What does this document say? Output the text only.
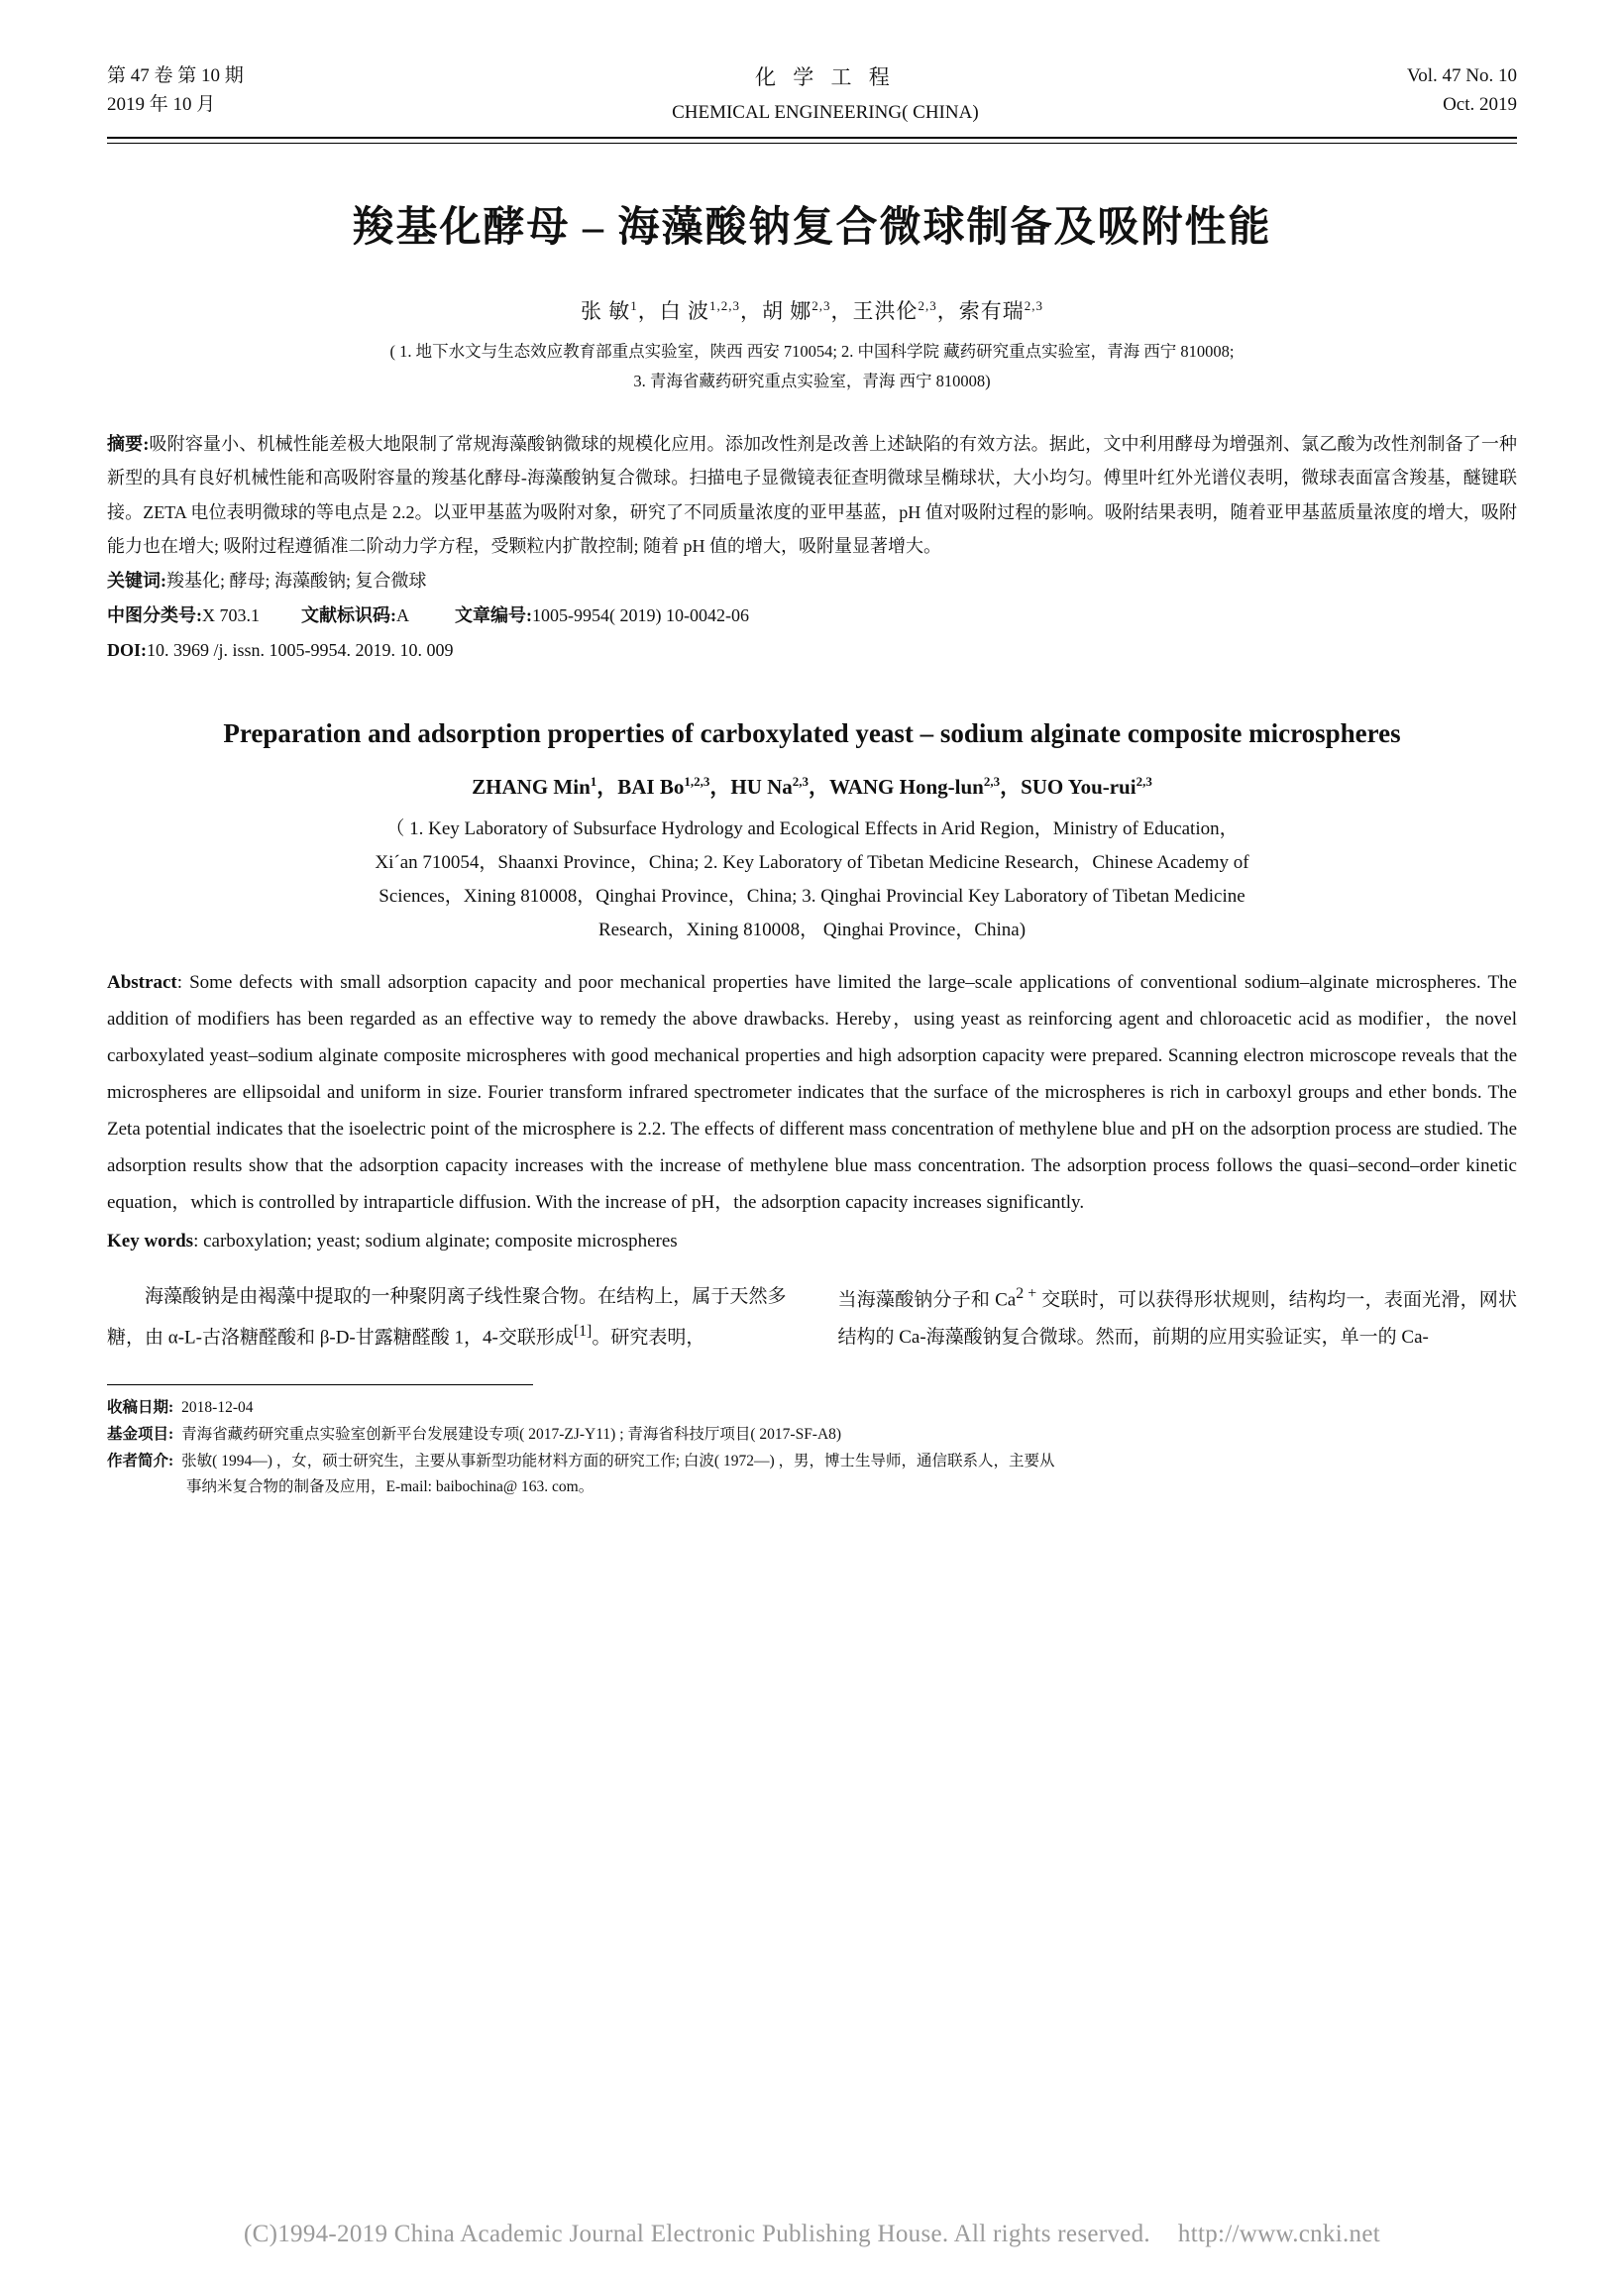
第 47 卷 第 10 期
2019 年 10 月
化 学 工 程
CHEMICAL ENGINEERING( CHINA)
Vol. 47 No. 10
Oct. 2019
羧基化酵母 – 海藻酸钠复合微球制备及吸附性能
张 敏$^1$，白 波$^{1,2,3}$，胡 娜$^{2,3}$，王洪伦$^{2,3}$，索有瑞$^{2,3}$
( 1. 地下水文与生态效应教育部重点实验室，陕西 西安 710054; 2. 中国科学院 藏药研究重点实验室，青海 西宁 810008;
3. 青海省藏药研究重点实验室，青海 西宁 810008)

摘要:吸附容量小、机械性能差极大地限制了常规海藻酸钠微球的规模化应用。添加改性剂是改善上述缺陷的有效方法。据此，文中利用酵母为增强剂、氯乙酸为改性剂制备了一种新型的具有良好机械性能和高吸附容量的羧基化酵母-海藻酸钠复合微球。扫描电子显微镜表征查明微球呈椭球状，大小均匀。傅里叶红外光谱仪表明，微球表面富含羧基，醚键联接。ZETA 电位表明微球的等电点是 2.2。以亚甲基蓝为吸附对象，研究了不同质量浓度的亚甲基蓝，pH 值对吸附过程的影响。吸附结果表明，随着亚甲基蓝质量浓度的增大，吸附能力也在增大; 吸附过程遵循准二阶动力学方程，受颗粒内扩散控制; 随着 pH 值的增大，吸附量显著增大。

关键词:羧基化; 酵母; 海藻酸钠; 复合微球
中图分类号:X 703.1 文献标识码:A	文章编号:1005-9954( 2019) 10-0042-06
DOI:10. 3969 /j. issn. 1005-9954. 2019. 10. 009
Preparation and adsorption properties of carboxylated yeast – sodium alginate composite microspheres
ZHANG Min$^1$，BAI Bo$^{1,2,3}$，HU Na$^{2,3}$，WANG Hong-lun$^{2,3}$，SUO You-rui$^{2,3}$
（ 1. Key Laboratory of Subsurface Hydrology and Ecological Effects in Arid Region，Ministry of Education，
Xi´an 710054，Shaanxi Province，China; 2. Key Laboratory of Tibetan Medicine Research，Chinese Academy of
Sciences，Xining 810008，Qinghai Province，China; 3. Qinghai Provincial Key Laboratory of Tibetan Medicine
Research，Xining 810008， Qinghai Province，China)

Abstract: Some defects with small adsorption capacity and poor mechanical properties have limited the large–scale applications of conventional sodium–alginate microspheres. The addition of modifiers has been regarded as an effective way to remedy the above drawbacks. Hereby，using yeast as reinforcing agent and chloroacetic acid as modifier，the novel carboxylated yeast–sodium alginate composite microspheres with good mechanical properties and high adsorption capacity were prepared. Scanning electron microscope reveals that the microspheres are ellipsoidal and uniform in size. Fourier transform infrared spectrometer indicates that the surface of the microspheres is rich in carboxyl groups and ether bonds. The Zeta potential indicates that the isoelectric point of the microsphere is 2.2. The effects of different mass concentration of methylene blue and pH on the adsorption process are studied. The adsorption results show that the adsorption capacity increases with the increase of methylene blue mass concentration. The adsorption process follows the quasi–second–order kinetic equation，which is controlled by intraparticle diffusion. With the increase of pH，the adsorption capacity increases significantly.

Key words: carboxylation; yeast; sodium alginate; composite microspheres

海藻酸钠是由褐藻中提取的一种聚阴离子线性聚合物。在结构上，属于天然多糖，由 α-L-古洛糖醛酸和 β-D-甘露糖醛酸 1，4-交联形成[1]。研究表明，

当海藻酸钠分子和 $Ca^{2 +}$ 交联时，可以获得形状规则，结构均一，表面光滑，网状结构的 Ca-海藻酸钠复合微球。然而，前期的应用实验证实，单一的 Ca-

收稿日期: 2018-12-04
基金项目: 青海省藏药研究重点实验室创新平台发展建设专项( 2017-ZJ-Y11) ; 青海省科技厅项目( 2017-SF-A8)
作者简介: 张敏( 1994—) ，女，硕士研究生，主要从事新型功能材料方面的研究工作; 白波( 1972—) ，男，博士生导师，通信联系人，主要从
事纳米复合物的制备及应用，E-mail: baibochina@ 163. com。
(C)1994-2019 China Academic Journal Electronic Publishing House. All rights reserved. http://www.cnki.net
